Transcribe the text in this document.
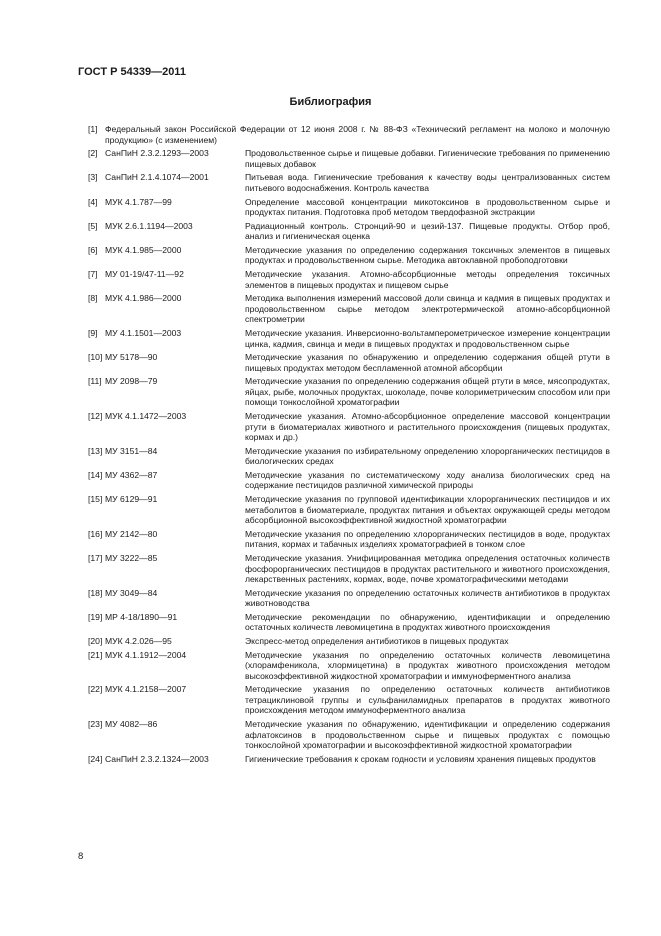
ГОСТ Р 54339—2011
Библиография
[1] Федеральный закон Российской Федерации от 12 июня 2008 г. № 88-ФЗ «Технический регламент на молоко и молочную продукцию» (с изменением)
[2] СанПиН 2.3.2.1293—2003	Продовольственное сырье и пищевые добавки. Гигиенические требования по применению пищевых добавок
[3] СанПиН 2.1.4.1074—2001	Питьевая вода. Гигиенические требования к качеству воды централизованных систем питьевого водоснабжения. Контроль качества
[4] МУК 4.1.787—99	Определение массовой концентрации микотоксинов в продовольственном сырье и продуктах питания. Подготовка проб методом твердофазной экстракции
[5] МУК 2.6.1.1194—2003	Радиационный контроль. Стронций-90 и цезий-137. Пищевые продукты. Отбор проб, анализ и гигиеническая оценка
[6] МУК 4.1.985—2000	Методические указания по определению содержания токсичных элементов в пищевых продуктах и продовольственном сырье. Методика автоклавной пробоподготовки
[7] МУ 01-19/47-11—92	Методические указания. Атомно-абсорбционные методы определения токсичных элементов в пищевых продуктах и пищевом сырье
[8] МУК 4.1.986—2000	Методика выполнения измерений массовой доли свинца и кадмия в пищевых продуктах и продовольственном сырье методом электротермической атомно-абсорбционной спектрометрии
[9] МУ 4.1.1501—2003	Методические указания. Инверсионно-вольтамперометрическое измерение концентрации цинка, кадмия, свинца и меди в пищевых продуктах и продовольственном сырье
[10] МУ 5178—90	Методические указания по обнаружению и определению содержания общей ртути в пищевых продуктах методом беспламенной атомной абсорбции
[11] МУ 2098—79	Методические указания по определению содержания общей ртути в мясе, мясопродуктах, яйцах, рыбе, молочных продуктах, шоколаде, почве колориметрическим способом или при помощи тонкослойной хроматографии
[12] МУК 4.1.1472—2003	Методические указания. Атомно-абсорбционное определение массовой концентрации ртути в биоматериалах животного и растительного происхождения (пищевых продуктах, кормах и др.)
[13] МУ 3151—84	Методические указания по избирательному определению хлорорганических пестицидов в биологических средах
[14] МУ 4362—87	Методические указания по систематическому ходу анализа биологических сред на содержание пестицидов различной химической природы
[15] МУ 6129—91	Методические указания по групповой идентификации хлорорганических пестицидов и их метаболитов в биоматериале, продуктах питания и объектах окружающей среды методом абсорбционной высокоэффективной жидкостной хроматографии
[16] МУ 2142—80	Методические указания по определению хлорорганических пестицидов в воде, продуктах питания, кормах и табачных изделиях хроматографией в тонком слое
[17] МУ 3222—85	Методические указания. Унифицированная методика определения остаточных количеств фосфорорганических пестицидов в продуктах растительного и животного происхождения, лекарственных растениях, кормах, воде, почве хроматографическими методами
[18] МУ 3049—84	Методические указания по определению остаточных количеств антибиотиков в продуктах животноводства
[19] МР 4-18/1890—91	Методические рекомендации по обнаружению, идентификации и определению остаточных количеств левомицетина в продуктах животного происхождения
[20] МУК 4.2.026—95	Экспресс-метод определения антибиотиков в пищевых продуктах
[21] МУК 4.1.1912—2004	Методические указания по определению остаточных количеств левомицетина (хлорамфеникола, хлормицетина) в продуктах животного происхождения методом высокоэффективной жидкостной хроматографии и иммуноферментного анализа
[22] МУК 4.1.2158—2007	Методические указания по определению остаточных количеств антибиотиков тетрациклиновой группы и сульфаниламидных препаратов в продуктах животного происхождения методом иммуноферментного анализа
[23] МУ 4082—86	Методические указания по обнаружению, идентификации и определению содержания афлатоксинов в продовольственном сырье и пищевых продуктах с помощью тонкослойной хроматографии и высокоэффективной жидкостной хроматографии
[24] СанПиН 2.3.2.1324—2003	Гигиенические требования к срокам годности и условиям хранения пищевых продуктов
8
